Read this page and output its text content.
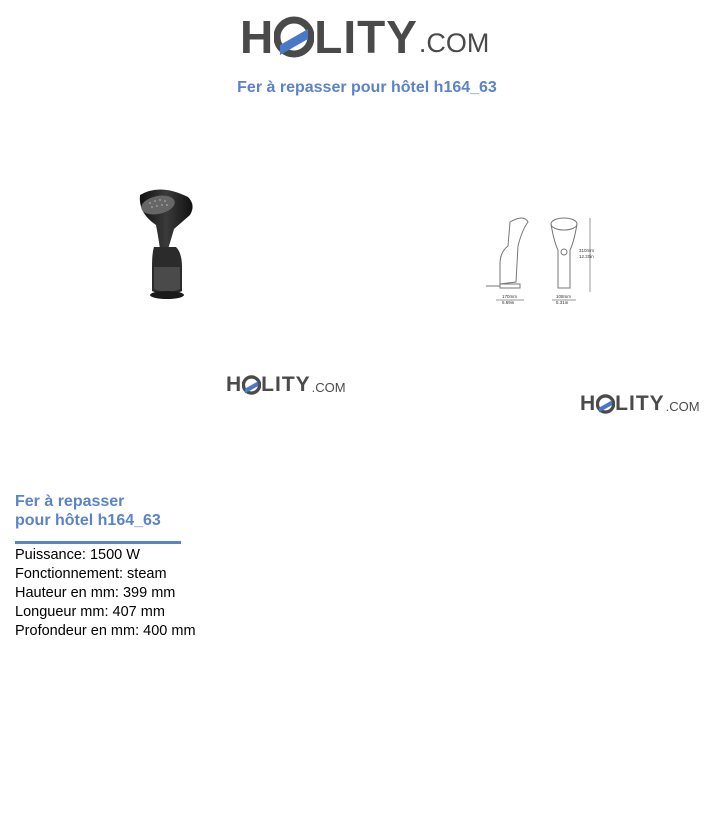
H LITY .COM
Fer à repasser pour hôtel h164_63
170mm
6.69in
108mm
5.31in
310mm
12.20in
H LITY .COM
H LITY .COM
Fer à repasser
pour hôtel h164_63
Puissance: 1500 W
Fonctionnement: steam
Hauteur en mm: 399 mm
Longueur mm: 407 mm
Profondeur en mm: 400 mm
